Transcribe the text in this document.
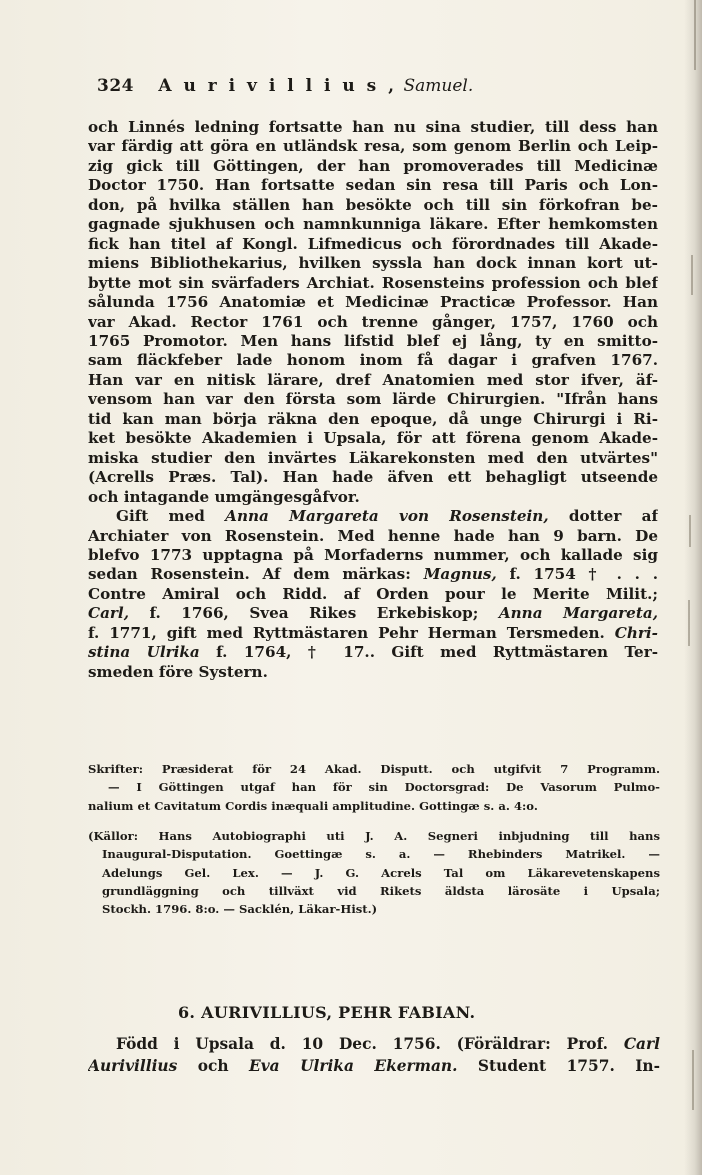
324 A u r i v i l l i u s , Samuel.

och Linnés ledning fortsatte han nu sina studier, till dess han

var färdig att göra en utländsk resa, som genom Berlin och Leip-

zig gick till Göttingen, der han promoverades till Medicinæ

Doctor 1750. Han fortsatte sedan sin resa till Paris och Lon-

don, på hvilka ställen han besökte och till sin förkofran be-

gagnade sjukhusen och namnkunniga läkare. Efter hemkomsten

fick han titel af Kongl. Lifmedicus och förordnades till Akade-

miens Bibliothekarius, hvilken syssla han dock innan kort ut-

bytte mot sin svärfaders Archiat. Rosensteins profession och blef

sålunda 1756 Anatomiæ et Medicinæ Practicæ Professor. Han

var Akad. Rector 1761 och trenne gånger, 1757, 1760 och

1765 Promotor. Men hans lifstid blef ej lång, ty en smitto-

sam fläckfeber lade honom inom få dagar i grafven 1767.

Han var en nitisk lärare, dref Anatomien med stor ifver, äf-

vensom han var den första som lärde Chirurgien. "Ifrån hans

tid kan man börja räkna den epoque, då unge Chirurgi i Ri-

ket besökte Akademien i Upsala, för att förena genom Akade-

miska studier den invärtes Läkarekonsten med den utvärtes"

(Acrells Præs. Tal). Han hade äfven ett behagligt utseende

och intagande umgängesgåfvor.

Gift med Anna Margareta von Rosenstein, dotter af

Archiater von Rosenstein. Med henne hade han 9 barn. De

blefvo 1773 upptagna på Morfaderns nummer, och kallade sig

sedan Rosenstein. Af dem märkas: Magnus, f. 1754 † . . .

Contre Amiral och Ridd. af Orden pour le Merite Milit.;

Carl, f. 1766, Svea Rikes Erkebiskop; Anna Margareta,

f. 1771, gift med Ryttmästaren Pehr Herman Tersmeden. Chri-

stina Ulrika f. 1764, † 17.. Gift med Ryttmästaren Ter-

smeden före Systern.

Skrifter: Præsiderat för 24 Akad. Disputt. och utgifvit 7 Programm.

— I Göttingen utgaf han för sin Doctorsgrad: De Vasorum Pulmo-

nalium et Cavitatum Cordis inæquali amplitudine. Gottingæ s. a. 4:o.

(Källor: Hans Autobiographi uti J. A. Segneri inbjudning till hans

Inaugural-Disputation. Goettingæ s. a. — Rhebinders Matrikel. —

Adelungs Gel. Lex. — J. G. Acrels Tal om Läkarevetenskapens

grundläggning och tillväxt vid Rikets äldsta lärosäte i Upsala;

Stockh. 1796. 8:o. — Sacklén, Läkar-Hist.)

6. AURIVILLIUS, PEHR FABIAN.

Född i Upsala d. 10 Dec. 1756. (Föräldrar: Prof. Carl

Aurivillius och Eva Ulrika Ekerman. Student 1757. In-
